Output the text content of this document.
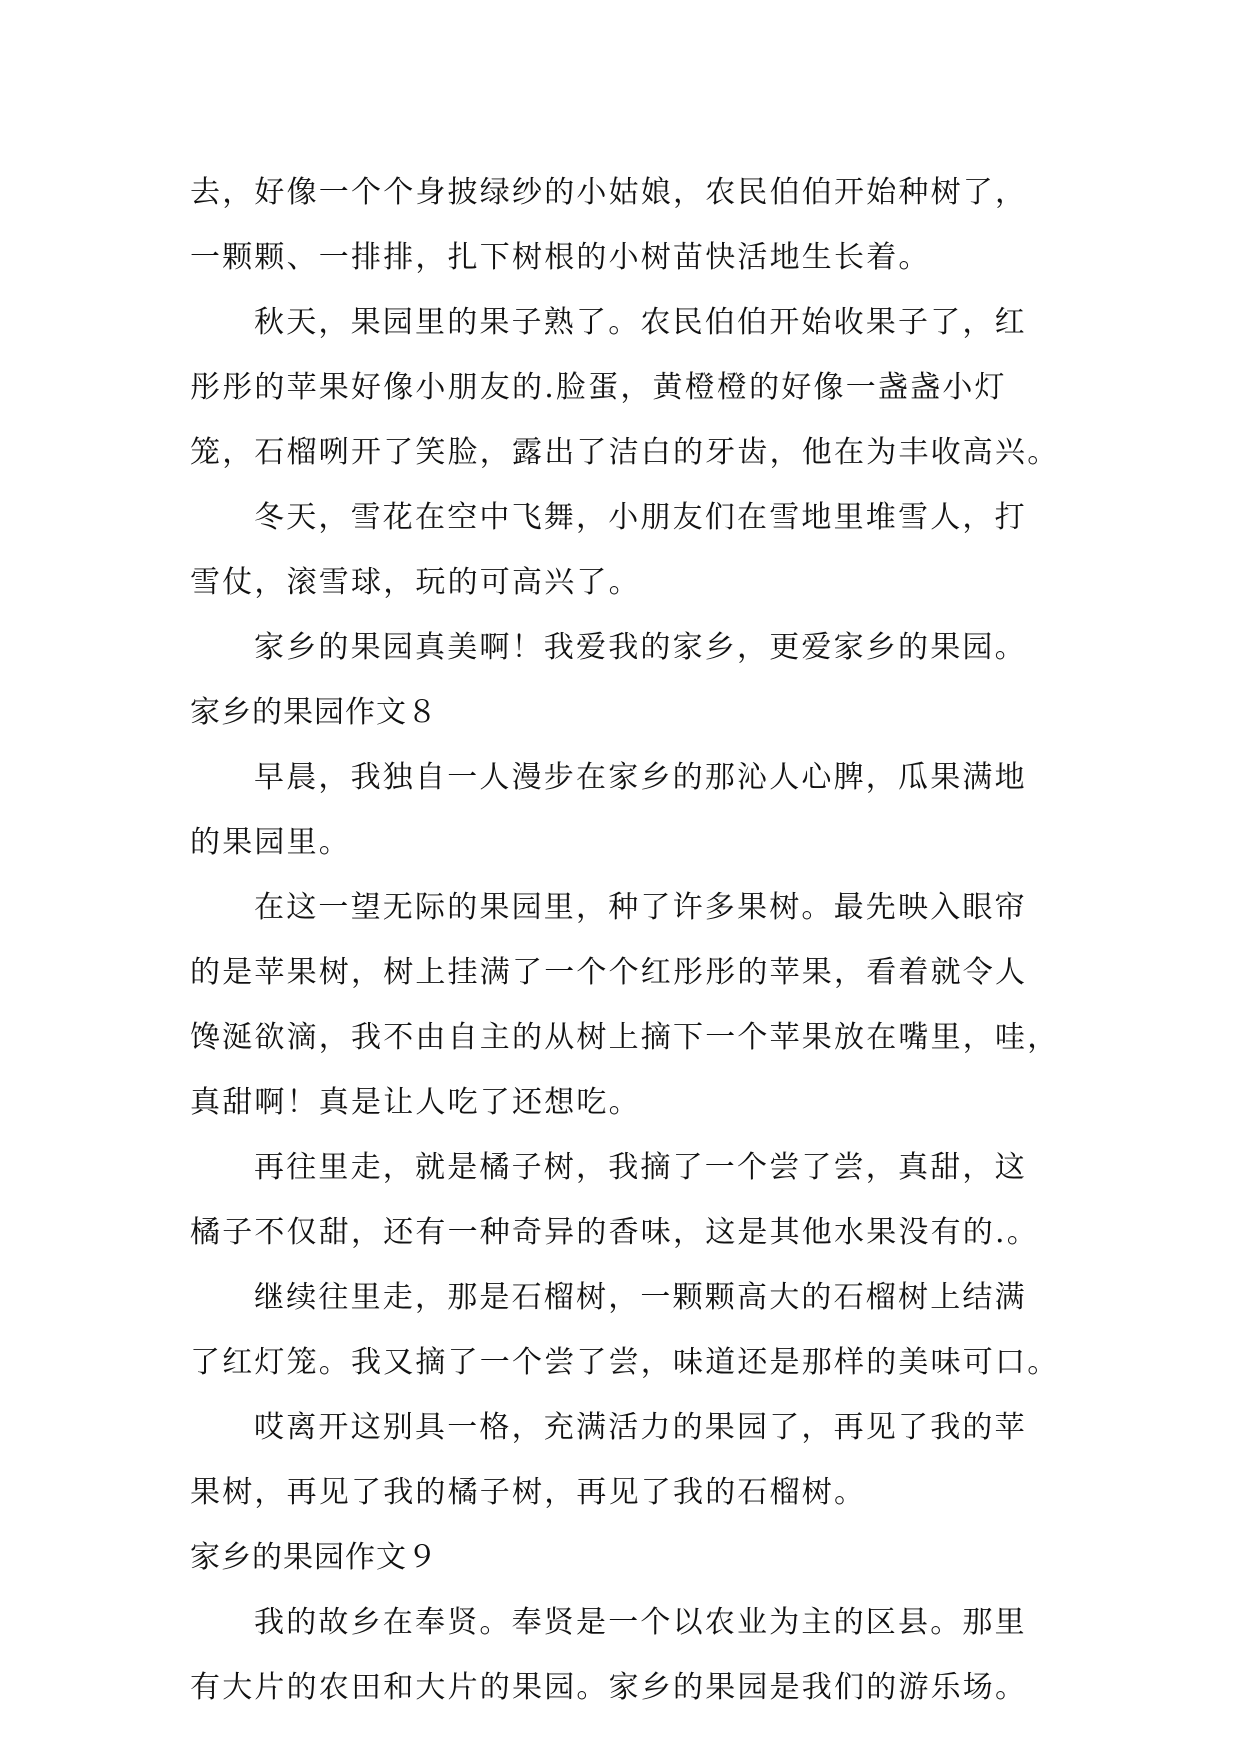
去，好像一个个身披绿纱的小姑娘，农民伯伯开始种树了，
一颗颗、一排排，扎下树根的小树苗快活地生长着。
秋天，果园里的果子熟了。农民伯伯开始收果子了，红
彤彤的苹果好像小朋友的.脸蛋，黄橙橙的好像一盏盏小灯
笼，石榴咧开了笑脸，露出了洁白的牙齿，他在为丰收高兴。
冬天，雪花在空中飞舞，小朋友们在雪地里堆雪人，打
雪仗，滚雪球，玩的可高兴了。
家乡的果园真美啊！我爱我的家乡，更爱家乡的果园。
家乡的果园作文８
早晨，我独自一人漫步在家乡的那沁人心脾，瓜果满地
的果园里。
在这一望无际的果园里，种了许多果树。最先映入眼帘
的是苹果树，树上挂满了一个个红彤彤的苹果，看着就令人
馋涎欲滴，我不由自主的从树上摘下一个苹果放在嘴里，哇，
真甜啊！真是让人吃了还想吃。
再往里走，就是橘子树，我摘了一个尝了尝，真甜，这
橘子不仅甜，还有一种奇异的香味，这是其他水果没有的.。
继续往里走，那是石榴树，一颗颗高大的石榴树上结满
了红灯笼。我又摘了一个尝了尝，味道还是那样的美味可口。
哎离开这别具一格，充满活力的果园了，再见了我的苹
果树，再见了我的橘子树，再见了我的石榴树。
家乡的果园作文９
我的故乡在奉贤。奉贤是一个以农业为主的区县。那里
有大片的农田和大片的果园。家乡的果园是我们的游乐场。
